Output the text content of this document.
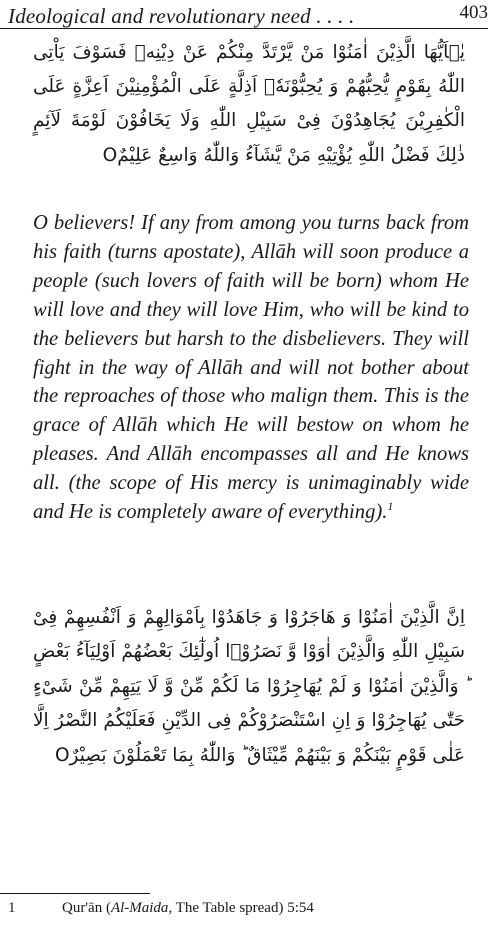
Ideological and revolutionary need . . . .	403

يٰۤاَيُّهَا الَّذِيْنَ اٰمَنُوْا مَنْ يَّرْتَدَّ مِنْكُمْ عَنْ دِيْنِهٖ فَسَوْفَ يَاْتِى اللّٰهُ بِقَوْمٍ يُّحِبُّهُمْ وَ يُحِبُّوْنَهٗۤ اَذِلَّةٍ عَلَى الْمُؤْمِنِيْنَ اَعِزَّةٍ عَلَى الْكٰفِرِيْنَ يُجَاهِدُوْنَ فِىْ سَبِيْلِ اللّٰهِ وَلَا يَخَافُوْنَ لَوْمَةَ لَآئِمٍ ذٰلِكَ فَضْلُ اللّٰهِ يُؤْتِيْهِ مَنْ يَّشَآءُ وَاللّٰهُ وَاسِعٌ عَلِيْمٌO

O believers! If any from among you turns back from his faith (turns apostate), Allāh will soon produce a people (such lovers of faith will be born) whom He will love and they will love Him, who will be kind to the believers but harsh to the disbelievers. They will fight in the way of Allāh and will not bother about the reproaches of those who malign them. This is the grace of Allāh which He will bestow on whom he pleases. And Allāh encompasses all and He knows all. (the scope of His mercy is unimaginably wide and He is completely aware of everything).$^1$

اِنَّ الَّذِيْنَ اٰمَنُوْا وَ هَاجَرُوْا وَ جَاهَدُوْا بِاَمْوَالِهِمْ وَ اَنْفُسِهِمْ فِىْ سَبِيْلِ اللّٰهِ وَالَّذِيْنَ اٰوَوْا وَّ نَصَرُوْۤا اُولٰٓئِكَ بَعْضُهُمْ اَوْلِيَآءُ بَعْضٍ ؕ وَالَّذِيْنَ اٰمَنُوْا وَ لَمْ يُهَاجِرُوْا مَا لَكُمْ مِّنْ وَّ لَا يَتِهِمْ مِّنْ شَىْءٍ حَتّٰى يُهَاجِرُوْا وَ اِنِ اسْتَنْصَرُوْكُمْ فِى الدِّيْنِ فَعَلَيْكُمُ النَّصْرُ اِلَّا عَلٰى قَوْمٍ بَيْنَكُمْ وَ بَيْنَهُمْ مِّيْثَاقٌ ؕ وَاللّٰهُ بِمَا تَعْمَلُوْنَ بَصِيْرٌO

1	Qur'ān (Al-Maida, The Table spread) 5:54
